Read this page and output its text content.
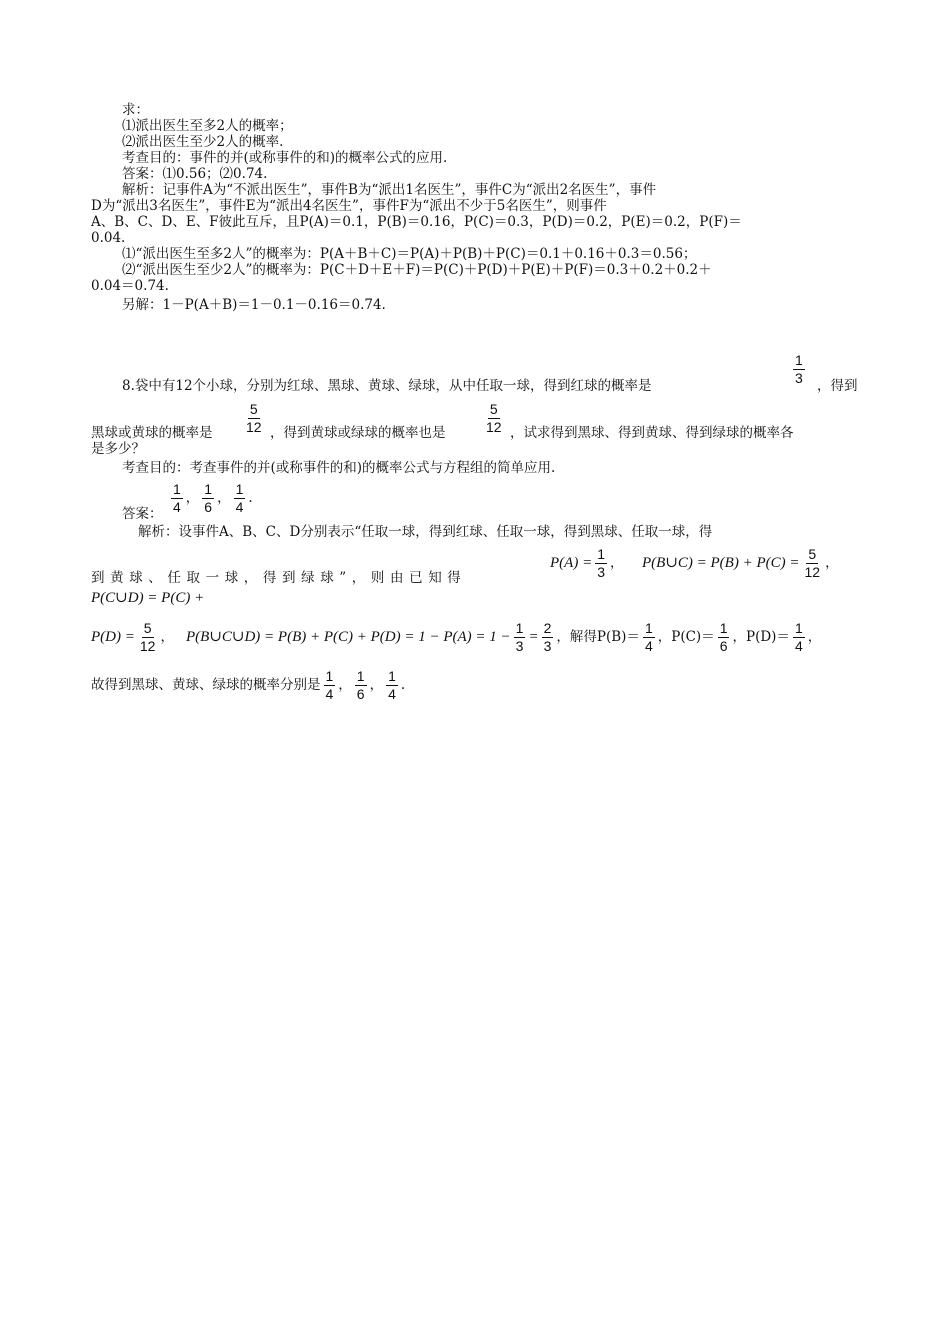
求：
⑴派出医生至多2人的概率；
⑵派出医生至少2人的概率.
考查目的：事件的并(或称事件的和)的概率公式的应用.
答案：⑴0.56；⑵0.74.
解析：记事件A为“不派出医生”，事件B为“派出1名医生”，事件C为“派出2名医生”，事件
D为“派出3名医生”，事件E为“派出4名医生”，事件F为“派出不少于5名医生”，则事件
A、B、C、D、E、F彼此互斥，且P(A)＝0.1，P(B)＝0.16，P(C)＝0.3，P(D)＝0.2，P(E)＝0.2，P(F)＝
0.04.
⑴“派出医生至多2人”的概率为：P(A＋B＋C)＝P(A)＋P(B)＋P(C)＝0.1＋0.16＋0.3＝0.56；
⑵“派出医生至少2人”的概率为：P(C＋D＋E＋F)＝P(C)＋P(D)＋P(E)＋P(F)＝0.3＋0.2＋0.2＋
0.04＝0.74.
另解：1－P(A＋B)＝1－0.1－0.16＝0.74.
8.袋中有12个小球，分别为红球、黑球、黄球、绿球，从中任取一球，得到红球的概率是	$\frac{1}{3}$ ，得到
黑球或黄球的概率是 $\frac{5}{12}$ ，得到黄球或绿球的概率也是	$\frac{5}{12}$ ，试求得到黑球、得到黄球、得到绿球的概率各
是多少？
考查目的：考查事件的并(或称事件的和)的概率公式与方程组的简单应用.
答案： $\frac{1}{4}$ ， $\frac{1}{6}$ ， $\frac{1}{4}$ .
解析：设事件A、B、C、D分别表示“任取一球，得到红球、任取一球，得到黑球、任取一球，得
到黄球、任取一球，得到绿球”，则由已知得
$P(A) = \frac{1}{3}$ ， P(B∪C) = $P(B) + P(C) = \frac{5}{12}$ ，
P(C∪D) = P(C) +
$P(D) = \frac{5}{12}$ ， P(B∪C∪D) = $P(B) + P(C) + P(D) = 1 - P(A) = 1 - \frac{1}{3} = \frac{2}{3}$ ，解得$P(B)= \frac{1}{4}$ ，$P(C)= \frac{1}{6}$ ，$P(D)= \frac{1}{4}$ ，
故得到黑球、黄球、绿球的概率分别是 $\frac{1}{4}$ ， $\frac{1}{6}$ ， $\frac{1}{4}$ .
